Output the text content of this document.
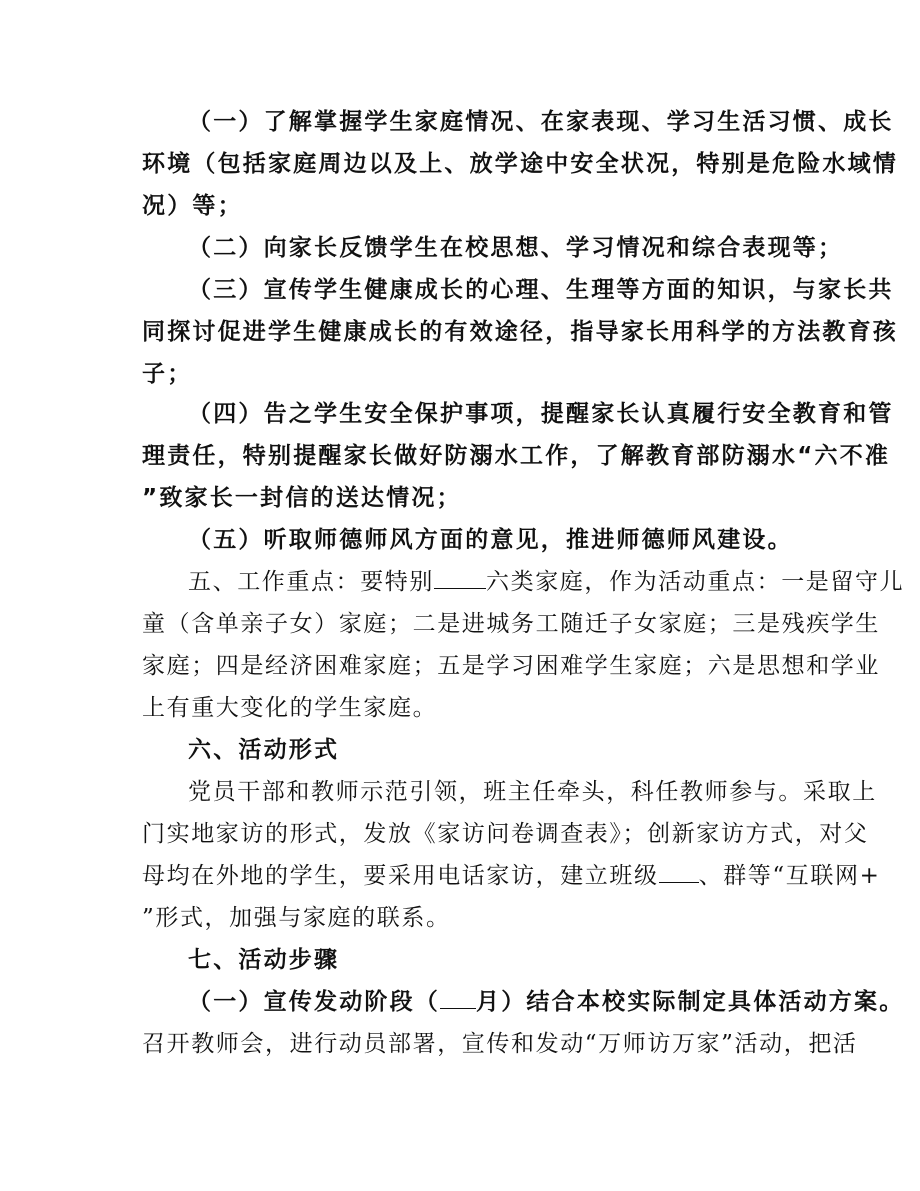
（一）了解掌握学生家庭情况、在家表现、学习生活习惯、成长
环境（包括家庭周边以及上、放学途中安全状况，特别是危险水域情
况）等；
（二）向家长反馈学生在校思想、学习情况和综合表现等；
（三）宣传学生健康成长的心理、生理等方面的知识，与家长共
同探讨促进学生健康成长的有效途径，指导家长用科学的方法教育孩
子；
（四）告之学生安全保护事项，提醒家长认真履行安全教育和管
理责任，特别提醒家长做好防溺水工作，了解教育部防溺水“六不准
”致家长一封信的送达情况；
（五）听取师德师风方面的意见，推进师德师风建设。
五、工作重点：要特别 六类家庭，作为活动重点：一是留守儿
童（含单亲子女）家庭；二是进城务工随迁子女家庭；三是残疾学生
家庭；四是经济困难家庭；五是学习困难学生家庭；六是思想和学业
上有重大变化的学生家庭。
六、活动形式
党员干部和教师示范引领，班主任牵头，科任教师参与。采取上
门实地家访的形式，发放《家访问卷调查表》；创新家访方式，对父
母均在外地的学生，要采用电话家访，建立班级 、群等“互联网+
”形式，加强与家庭的联系。
七、活动步骤
（一）宣传发动阶段（ 月）结合本校实际制定具体活动方案。
召开教师会，进行动员部署，宣传和发动“万师访万家”活动，把活
